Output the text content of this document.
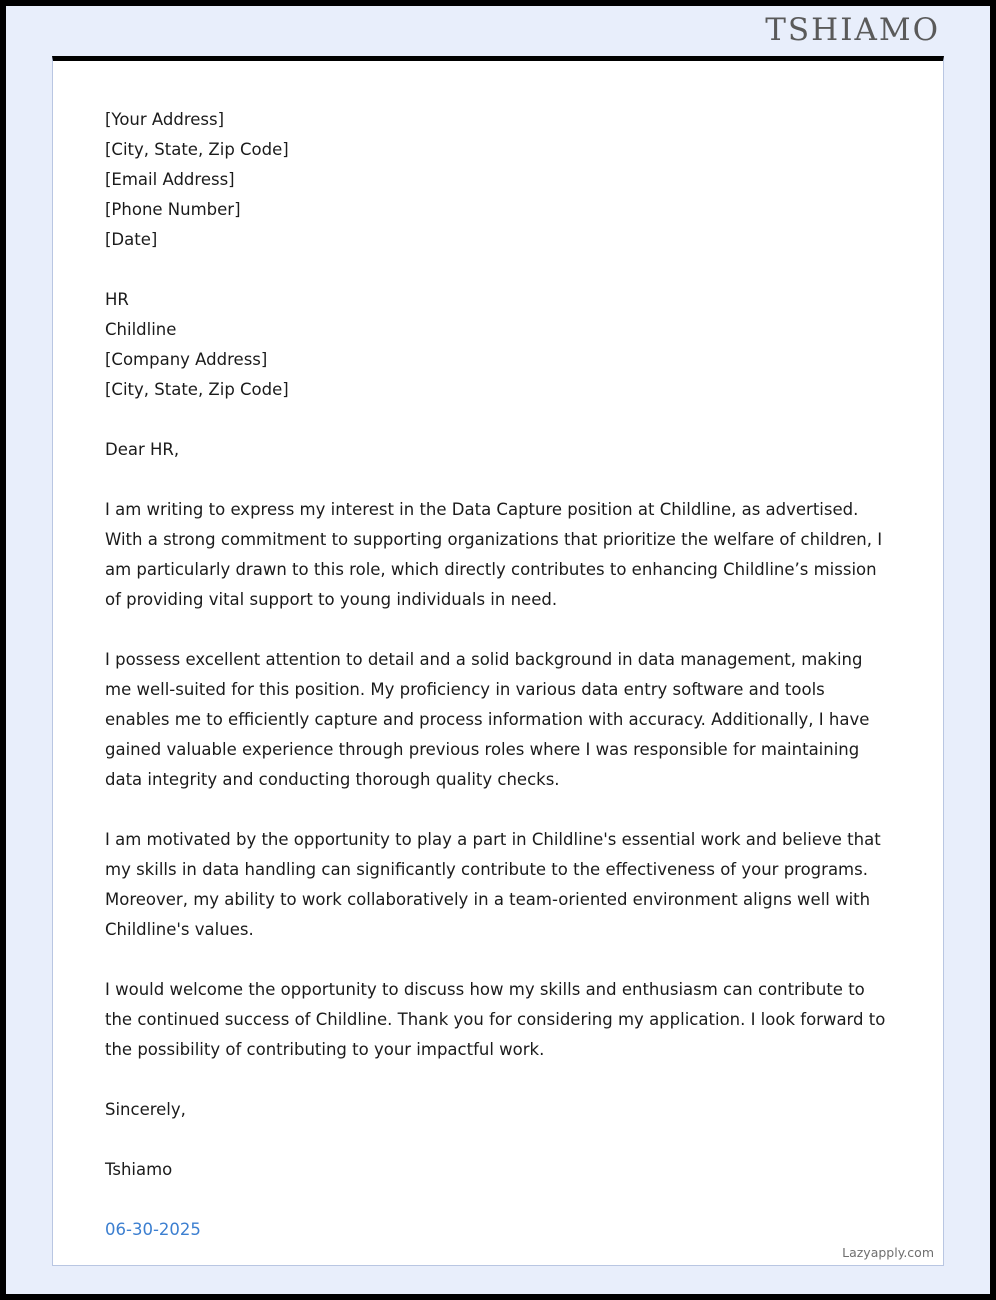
TSHIAMO
[Your Address]
[City, State, Zip Code]
[Email Address]
[Phone Number]
[Date]
HR
Childline
[Company Address]
[City, State, Zip Code]
Dear HR,
I am writing to express my interest in the Data Capture position at Childline, as advertised. With a strong commitment to supporting organizations that prioritize the welfare of children, I am particularly drawn to this role, which directly contributes to enhancing Childline’s mission of providing vital support to young individuals in need.
I possess excellent attention to detail and a solid background in data management, making me well-suited for this position. My proficiency in various data entry software and tools enables me to efficiently capture and process information with accuracy. Additionally, I have gained valuable experience through previous roles where I was responsible for maintaining data integrity and conducting thorough quality checks.
I am motivated by the opportunity to play a part in Childline's essential work and believe that my skills in data handling can significantly contribute to the effectiveness of your programs. Moreover, my ability to work collaboratively in a team-oriented environment aligns well with Childline's values.
I would welcome the opportunity to discuss how my skills and enthusiasm can contribute to the continued success of Childline. Thank you for considering my application. I look forward to the possibility of contributing to your impactful work.
Sincerely,
Tshiamo
06-30-2025
Lazyapply.com
